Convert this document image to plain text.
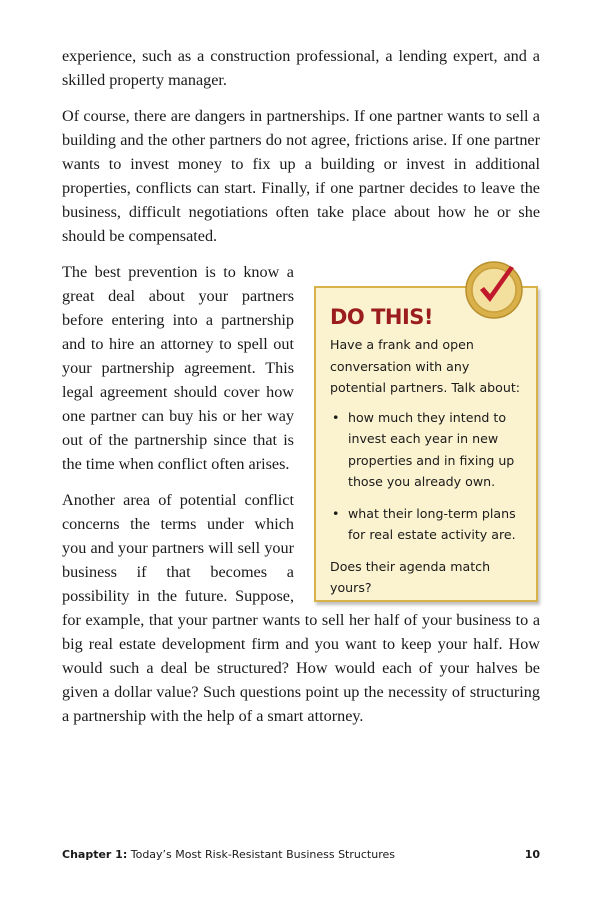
experience, such as a construction professional, a lending expert, and a skilled property manager.

Of course, there are dangers in partnerships. If one partner wants to sell a building and the other partners do not agree, frictions arise. If one partner wants to invest money to fix up a building or invest in additional properties, conflicts can start. Finally, if one partner decides to leave the business, difficult negotiations often take place about how he or she should be compensated.

DO THIS!

Have a frank and open conversation with any potential partners. Talk about:

• how much they intend to invest each year in new properties and in fixing up those you already own.
• what their long-term plans for real estate activity are.

Does their agenda match yours?

The best prevention is to know a great deal about your partners before entering into a partnership and to hire an attorney to spell out your partnership agreement. This legal agreement should cover how one partner can buy his or her way out of the partnership since that is the time when conflict often arises.

Another area of potential conflict concerns the terms under which you and your partners will sell your business if that becomes a possibility in the future. Suppose, for example, that your partner wants to sell her half of your business to a big real estate development firm and you want to keep your half. How would such a deal be structured? How would each of your halves be given a dollar value? Such questions point up the necessity of structuring a partnership with the help of a smart attorney.

Chapter 1: Today’s Most Risk-Resistant Business Structures	10
